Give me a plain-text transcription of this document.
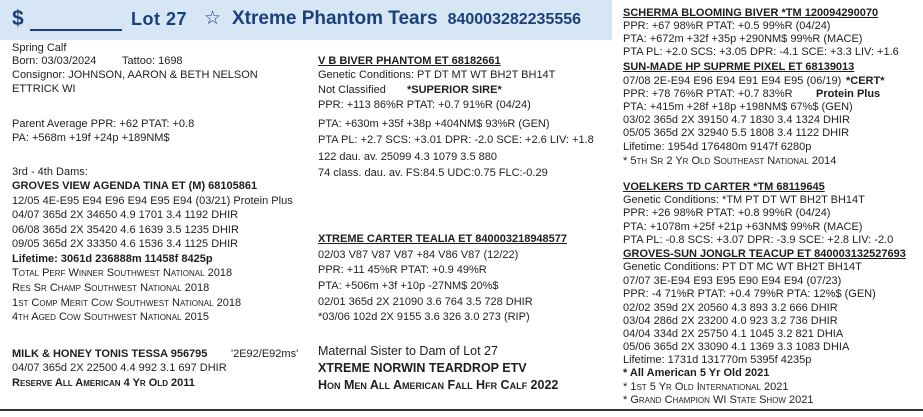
$	Lot 27 ☆ Xtreme Phantom Tears 840003282235556
Spring Calf
Born: 03/03/2024 Tattoo: 1698
Consignor: JOHNSON, AARON & BETH NELSON
ETTRICK WI
Parent Average PPR: +62 PTAT: +0.8
PA: +568m +19f +24p +189NM$
3rd - 4th Dams:
GROVES VIEW AGENDA TINA ET (M) 68105861
12/05 4E-E95 E94 E96 E94 E95 E94 (03/21) Protein Plus
04/07 365d 2X 34650 4.9 1701 3.4 1192 DHIR
06/08 365d 2X 35420 4.6 1639 3.5 1235 DHIR
09/05 365d 2X 33350 4.6 1536 3.4 1125 DHIR
Lifetime: 3061d 236888m 11458f 8425p
Total Perf Winner Southwest National 2018
Res Sr Champ Southwest National 2018
1st Comp Merit Cow Southwest National 2018
4th Aged Cow Southwest National 2015
MILK & HONEY TONIS TESSA 956795 '2E92/E92ms'
04/07 365d 2X 22500 4.4 992 3.1 697 DHIR
Reserve All American 4 Yr Old 2011
V B BIVER PHANTOM ET 68182661
Genetic Conditions: PT DT MT WT BH2T BH14T
Not Classified *SUPERIOR SIRE*
PPR: +113 86%R PTAT: +0.7 91%R (04/24)
PTA: +630m +35f +38p +404NM$ 93%R (GEN)
PTA PL: +2.7 SCS: +3.01 DPR: -2.0 SCE: +2.6 LIV: +1.8
122 dau. av. 25099 4.3 1079 3.5 880
74 class. dau. av. FS:84.5 UDC:0.75 FLC:-0.29
XTREME CARTER TEALIA ET 840003218948577
02/03 V87 V87 V87 +84 V86 V87 (12/22)
PPR: +11 45%R PTAT: +0.9 49%R
PTA: +506m +3f +10p -27NM$ 20%$
02/01 365d 2X 21090 3.6 764 3.5 728 DHIR
*03/06 102d 2X 9155 3.6 326 3.0 273 (RIP)
Maternal Sister to Dam of Lot 27
XTREME NORWIN TEARDROP ETV
Hon Men All American Fall Hfr Calf 2022
SCHERMA BLOOMING BIVER *TM 120094290070
PPR: +67 98%R PTAT: +0.5 99%R (04/24)
PTA: +672m +32f +35p +290NM$ 99%R (MACE)
PTA PL: +2.0 SCS: +3.05 DPR: -4.1 SCE: +3.3 LIV: +1.6
SUN-MADE HP SUPRME PIXEL ET 68139013
07/08 2E-E94 E96 E94 E91 E94 E95 (06/19) *CERT*
PPR: +78 76%R PTAT: +0.7 83%R Protein Plus
PTA: +415m +28f +18p +198NM$ 67%$ (GEN)
03/02 365d 2X 39150 4.7 1830 3.4 1324 DHIR
05/05 365d 2X 32940 5.5 1808 3.4 1122 DHIR
Lifetime: 1954d 176480m 9147f 6280p
* 5th Sr 2 Yr Old Southeast National 2014
VOELKERS TD CARTER *TM 68119645
Genetic Conditions: *TM PT DT WT BH2T BH14T
PPR: +26 98%R PTAT: +0.8 99%R (04/24)
PTA: +1078m +25f +21p +63NM$ 99%R (MACE)
PTA PL: -0.8 SCS: +3.07 DPR: -3.9 SCE: +2.8 LIV: -2.0
GROVES-SUN JONGLR TEACUP ET 840003132527693
Genetic Conditions: PT DT MC WT BH2T BH14T
07/07 3E-E94 E93 E95 E90 E94 E94 (07/23)
PPR: -4 71%R PTAT: +0.4 79%R PTA: 12%$ (GEN)
02/02 359d 2X 20560 4.3 893 3.2 666 DHIR
03/04 286d 2X 23200 4.0 923 3.2 736 DHIR
04/04 334d 2X 25750 4.1 1045 3.2 821 DHIA
05/06 365d 2X 33090 4.1 1369 3.3 1083 DHIA
Lifetime: 1731d 131770m 5395f 4235p
* All American 5 Yr Old 2021
* 1st 5 Yr Old International 2021
* Grand Champion WI State Show 2021
